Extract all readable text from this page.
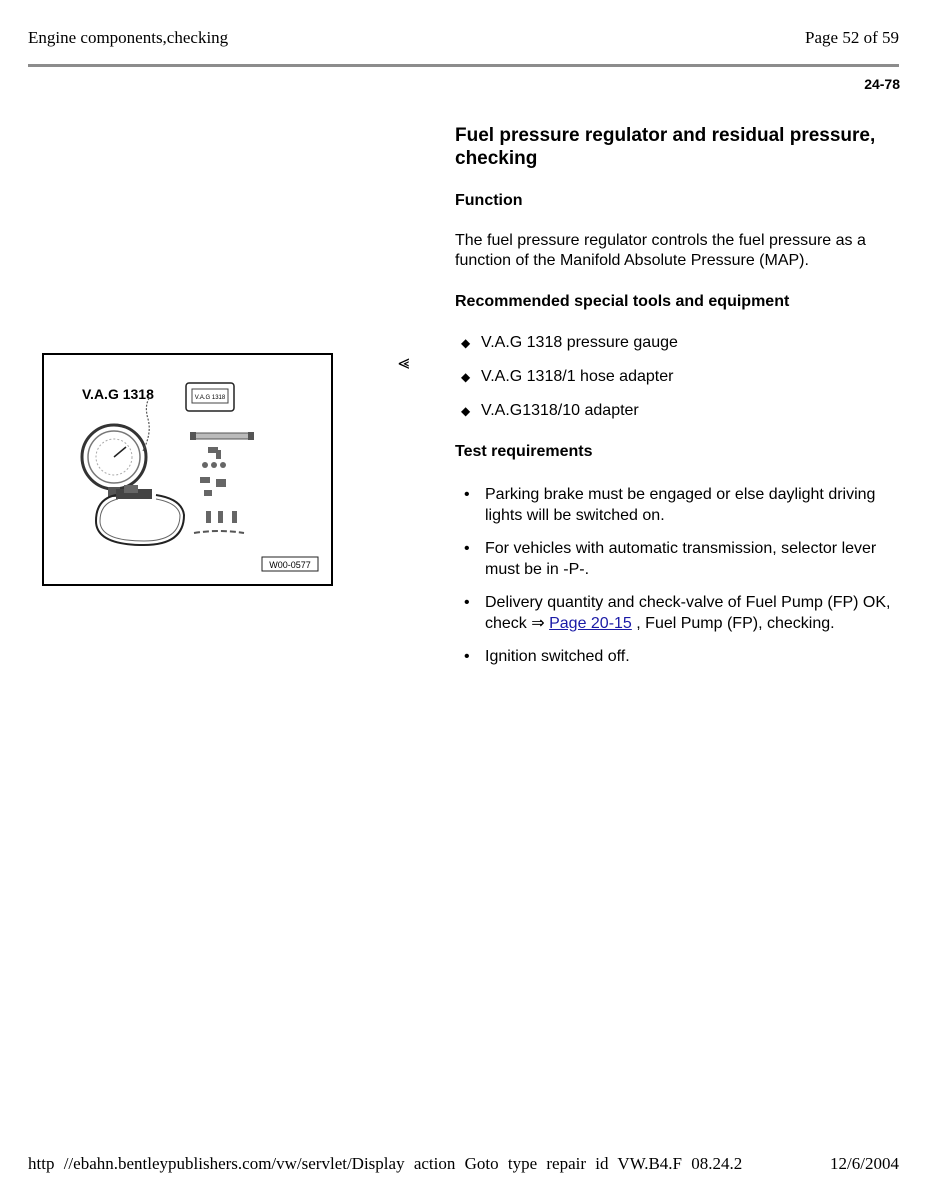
Engine components,checking	Page 52 of 59
24-78
V.A.G 1318	V.A.G 1318
W00-0577
⪡
Fuel pressure regulator and residual pressure, checking
Function

The fuel pressure regulator controls the fuel pressure as a function of the Manifold Absolute Pressure (MAP).

Recommended special tools and equipment
◆ V.A.G 1318 pressure gauge
◆ V.A.G 1318/1 hose adapter
◆ V.A.G1318/10 adapter
Test requirements
• Parking brake must be engaged or else daylight driving lights will be switched on.
• For vehicles with automatic transmission, selector lever must be in -P-.
• Delivery quantity and check-valve of Fuel Pump (FP) OK, check ⇒ Page 20-15 , Fuel Pump (FP), checking.
• Ignition switched off.
http //ebahn.bentleypublishers.com/vw/servlet/Display action Goto type repair id VW.B4.F 08.24.2	12/6/2004
